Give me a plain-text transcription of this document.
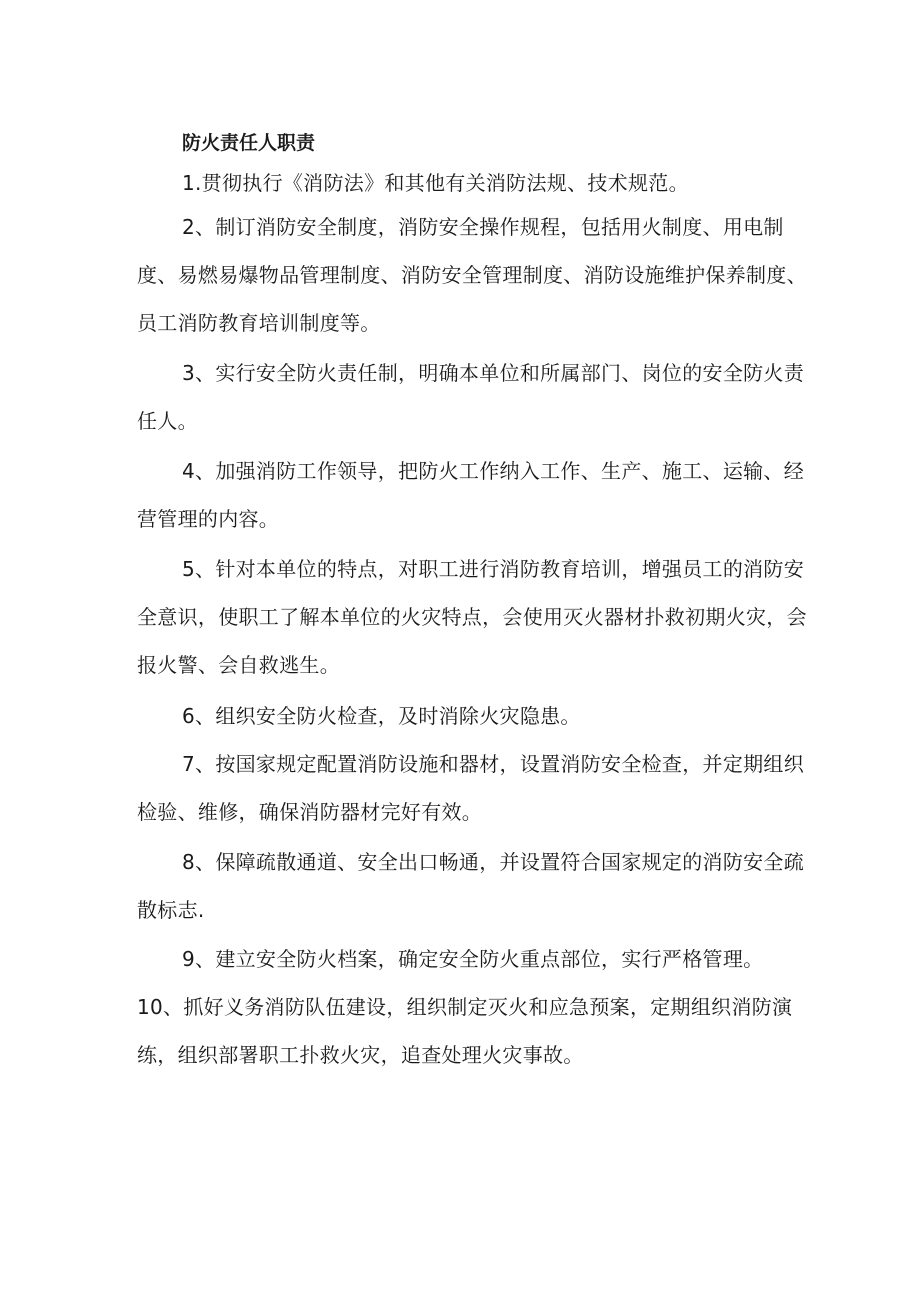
防火责任人职责

1.贯彻执行《消防法》和其他有关消防法规、技术规范。

2、制订消防安全制度，消防安全操作规程，包括用火制度、用电制度、易燃易爆物品管理制度、消防安全管理制度、消防设施维护保养制度、员工消防教育培训制度等。

3、实行安全防火责任制，明确本单位和所属部门、岗位的安全防火责任人。

4、加强消防工作领导，把防火工作纳入工作、生产、施工、运输、经营管理的内容。

5、针对本单位的特点，对职工进行消防教育培训，增强员工的消防安全意识，使职工了解本单位的火灾特点，会使用灭火器材扑救初期火灾，会报火警、会自救逃生。

6、组织安全防火检查，及时消除火灾隐患。

7、按国家规定配置消防设施和器材，设置消防安全检查，并定期组织检验、维修，确保消防器材完好有效。

8、保障疏散通道、安全出口畅通，并设置符合国家规定的消防安全疏散标志.

9、建立安全防火档案，确定安全防火重点部位，实行严格管理。10、抓好义务消防队伍建设，组织制定灭火和应急预案，定期组织消防演练，组织部署职工扑救火灾，追查处理火灾事故。
